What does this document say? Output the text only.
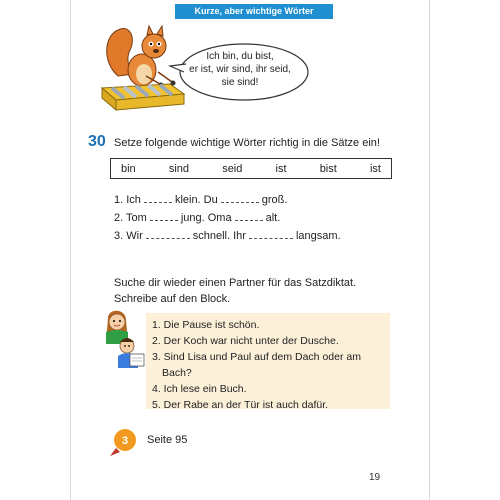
Kurze, aber wichtige Wörter
Ich bin, du bist,
er ist, wir sind, ihr seid,
sie sind!
30 Setze folgende wichtige Wörter richtig in die Sätze ein!
bin	sind	seid	ist	bist	ist
1. Ich	klein. Du	groß.
2. Tom	jung. Oma	alt.
3. Wir	schnell. Ihr	langsam.
Suche dir wieder einen Partner für das Satzdiktat.
Schreibe auf den Block.
1. Die Pause ist schön.
2. Der Koch war nicht unter der Dusche.
3. Sind Lisa und Paul auf dem Dach oder am
Bach?
4. Ich lese ein Buch.
5. Der Rabe an der Tür ist auch dafür.
3 Seite 95
19
